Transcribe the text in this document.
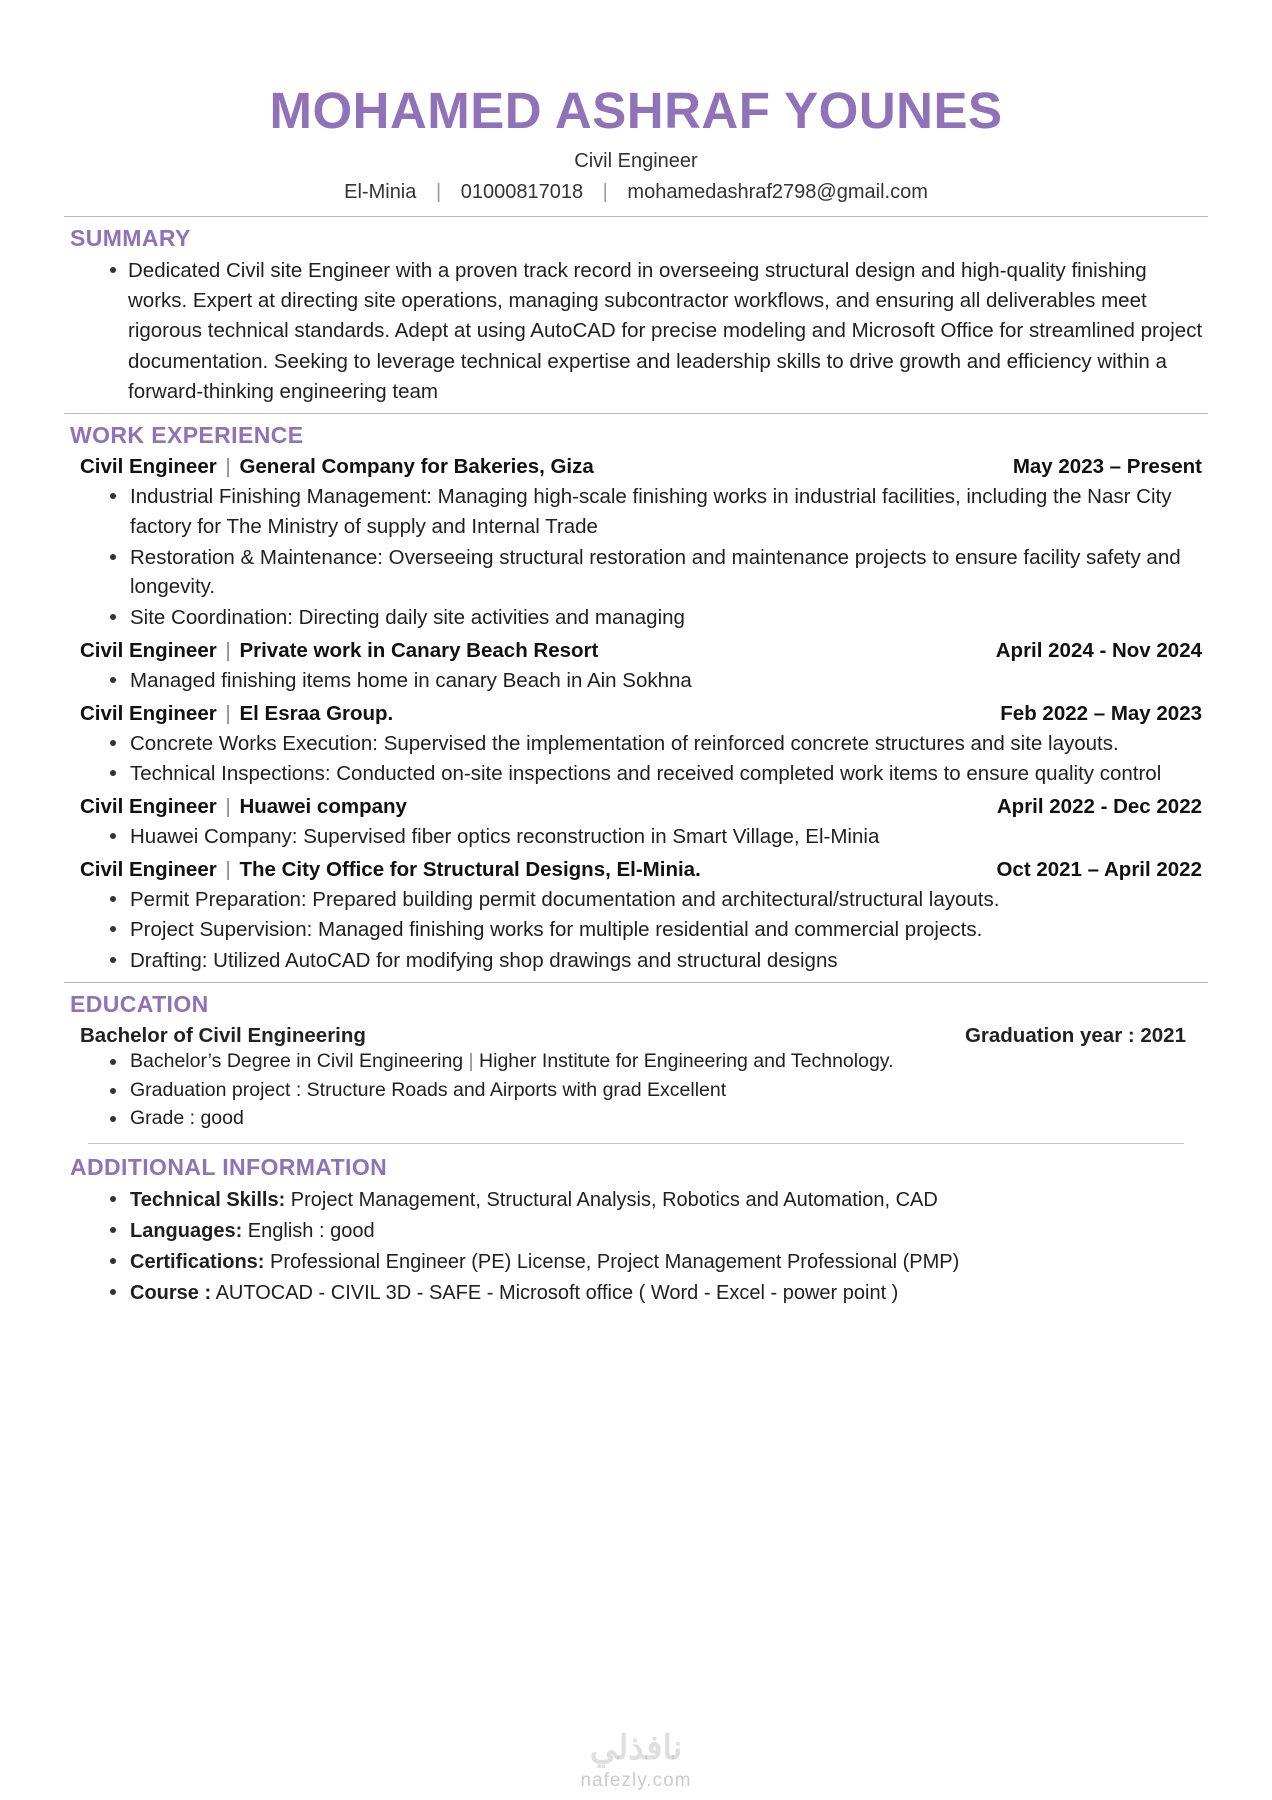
MOHAMED ASHRAF YOUNES
Civil Engineer
El-Minia | 01000817018 | mohamedashraf2798@gmail.com
SUMMARY
Dedicated Civil site Engineer with a proven track record in overseeing structural design and high-quality finishing works. Expert at directing site operations, managing subcontractor workflows, and ensuring all deliverables meet rigorous technical standards. Adept at using AutoCAD for precise modeling and Microsoft Office for streamlined project documentation. Seeking to leverage technical expertise and leadership skills to drive growth and efficiency within a forward-thinking engineering team
WORK EXPERIENCE
Civil Engineer | General Company for Bakeries, Giza	May 2023 – Present
Industrial Finishing Management: Managing high-scale finishing works in industrial facilities, including the Nasr City factory for The Ministry of supply and Internal Trade
Restoration & Maintenance: Overseeing structural restoration and maintenance projects to ensure facility safety and longevity.
Site Coordination: Directing daily site activities and managing
Civil Engineer | Private work in Canary Beach Resort	April 2024 - Nov 2024
Managed finishing items home in canary Beach in Ain Sokhna
Civil Engineer | El Esraa Group.	Feb 2022 – May 2023
Concrete Works Execution: Supervised the implementation of reinforced concrete structures and site layouts.
Technical Inspections: Conducted on-site inspections and received completed work items to ensure quality control
Civil Engineer | Huawei company	April 2022 - Dec 2022
Huawei Company: Supervised fiber optics reconstruction in Smart Village, El-Minia
Civil Engineer | The City Office for Structural Designs, El-Minia.	Oct 2021 – April 2022
Permit Preparation: Prepared building permit documentation and architectural/structural layouts.
Project Supervision: Managed finishing works for multiple residential and commercial projects.
Drafting: Utilized AutoCAD for modifying shop drawings and structural designs
EDUCATION
Bachelor of Civil Engineering	Graduation year : 2021
Bachelor’s Degree in Civil Engineering | Higher Institute for Engineering and Technology.
Graduation project : Structure Roads and Airports with grad Excellent
Grade : good
ADDITIONAL INFORMATION
Technical Skills: Project Management, Structural Analysis, Robotics and Automation, CAD
Languages: English : good
Certifications: Professional Engineer (PE) License, Project Management Professional (PMP)
Course : AUTOCAD - CIVIL 3D - SAFE - Microsoft office ( Word - Excel - power point )
نافذلي
nafezly.com
